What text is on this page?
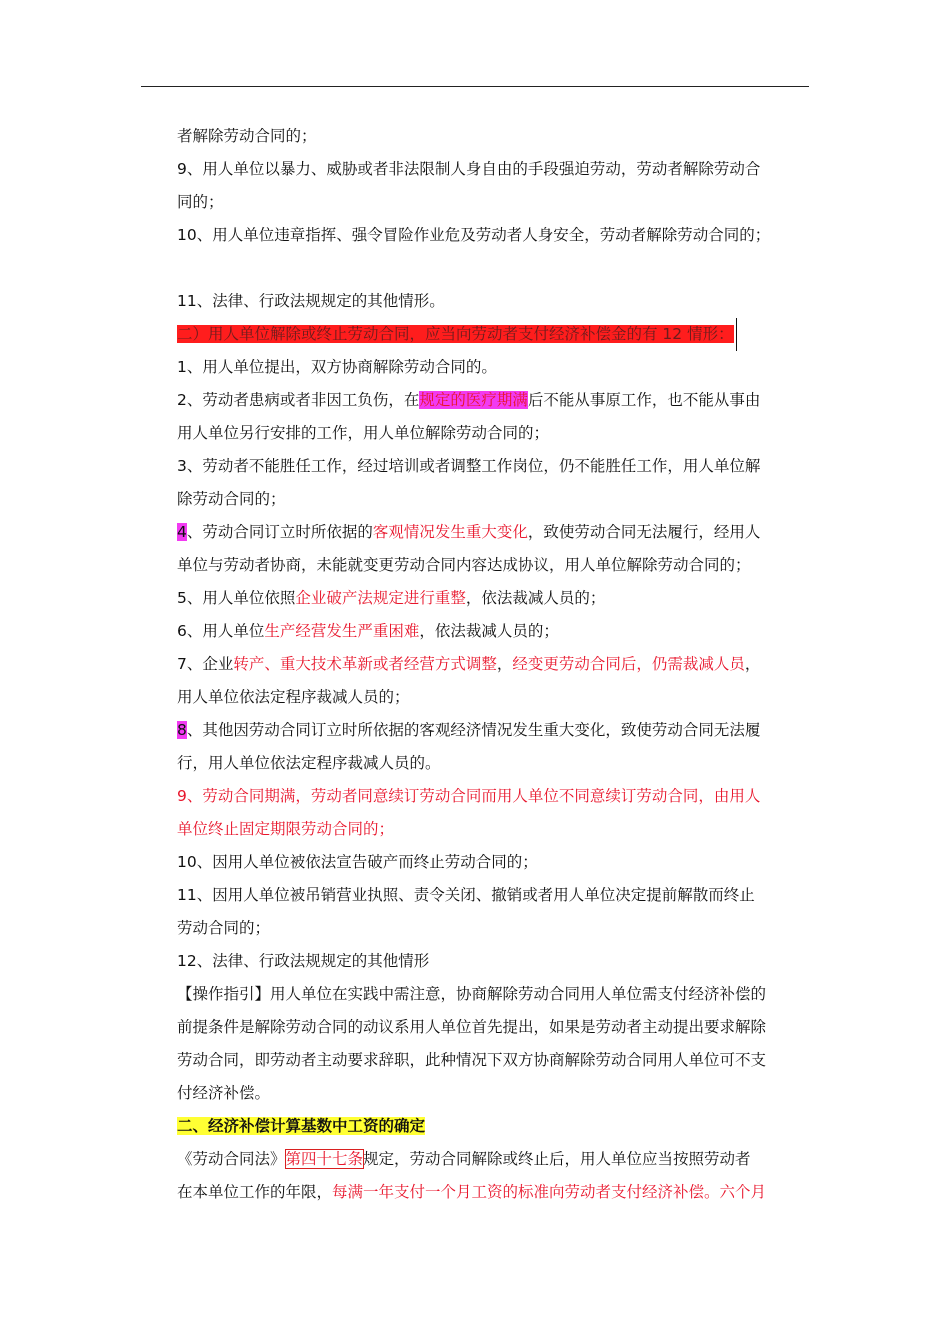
者解除劳动合同的；
9、用人单位以暴力、威胁或者非法限制人身自由的手段强迫劳动，劳动者解除劳动合
同的；
10、用人单位违章指挥、强令冒险作业危及劳动者人身安全，劳动者解除劳动合同的；
11、法律、行政法规规定的其他情形。
二）用人单位解除或终止劳动合同，应当向劳动者支付经济补偿金的有 12 情形：
1、用人单位提出，双方协商解除劳动合同的。
2、劳动者患病或者非因工负伤，在规定的医疗期满后不能从事原工作，也不能从事由
用人单位另行安排的工作，用人单位解除劳动合同的；
3、劳动者不能胜任工作，经过培训或者调整工作岗位，仍不能胜任工作，用人单位解
除劳动合同的；
4、劳动合同订立时所依据的客观情况发生重大变化，致使劳动合同无法履行，经用人
单位与劳动者协商，未能就变更劳动合同内容达成协议，用人单位解除劳动合同的；
5、用人单位依照企业破产法规定进行重整，依法裁减人员的；
6、用人单位生产经营发生严重困难，依法裁减人员的；
7、企业转产、重大技术革新或者经营方式调整，经变更劳动合同后，仍需裁减人员，
用人单位依法定程序裁减人员的；
8、其他因劳动合同订立时所依据的客观经济情况发生重大变化，致使劳动合同无法履
行，用人单位依法定程序裁减人员的。
9、劳动合同期满，劳动者同意续订劳动合同而用人单位不同意续订劳动合同，由用人
单位终止固定期限劳动合同的；
10、因用人单位被依法宣告破产而终止劳动合同的；
11、因用人单位被吊销营业执照、责令关闭、撤销或者用人单位决定提前解散而终止
劳动合同的；
12、法律、行政法规规定的其他情形
【操作指引】用人单位在实践中需注意，协商解除劳动合同用人单位需支付经济补偿的
前提条件是解除劳动合同的动议系用人单位首先提出，如果是劳动者主动提出要求解除
劳动合同，即劳动者主动要求辞职，此种情况下双方协商解除劳动合同用人单位可不支
付经济补偿。
二、经济补偿计算基数中工资的确定
《劳动合同法》第四十七条规定，劳动合同解除或终止后，用人单位应当按照劳动者
在本单位工作的年限，每满一年支付一个月工资的标准向劳动者支付经济补偿。六个月
